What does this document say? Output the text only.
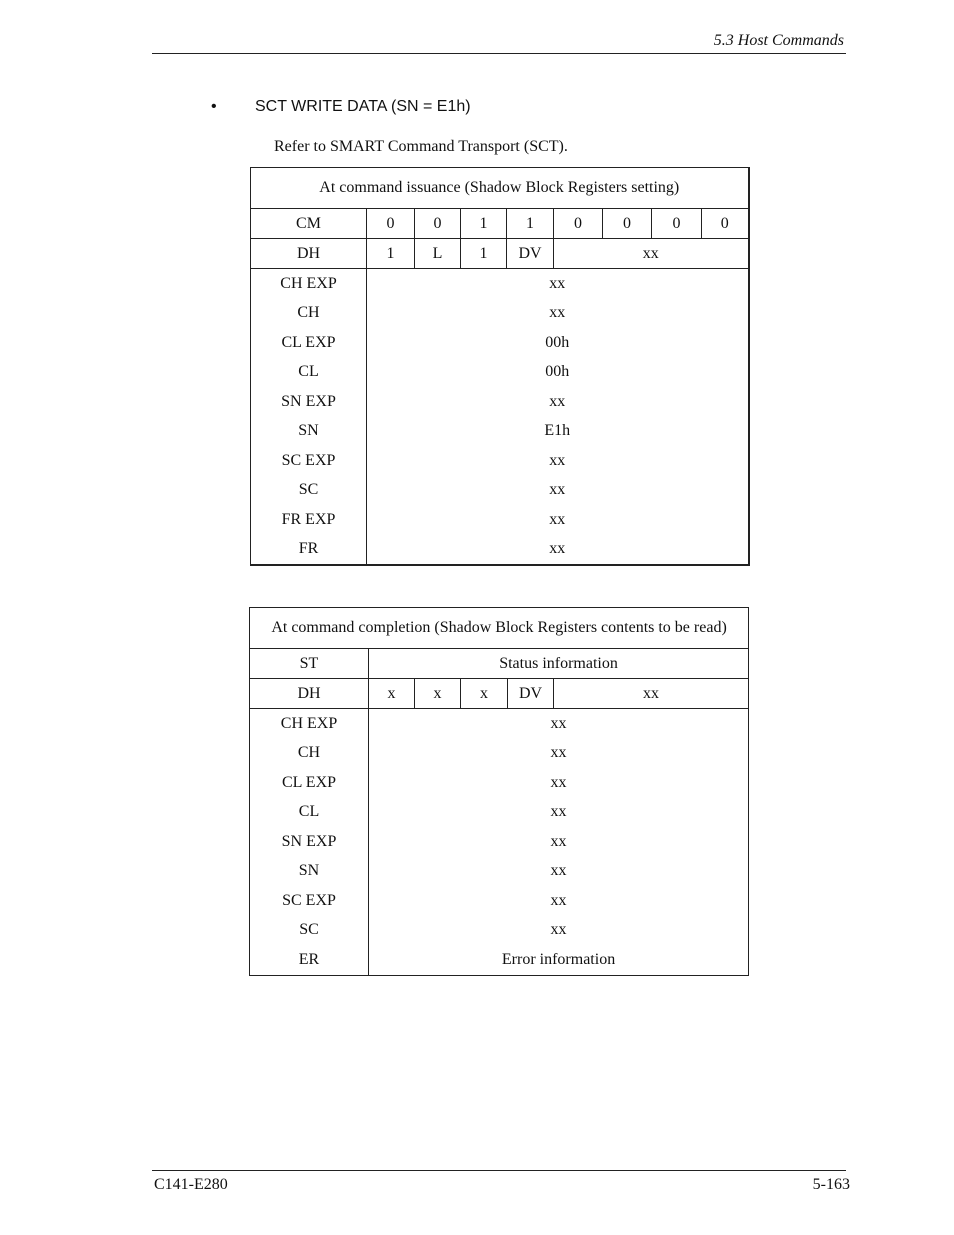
5.3 Host Commands
• SCT WRITE DATA (SN = E1h)
Refer to SMART Command Transport (SCT).
At command issuance (Shadow Block Registers setting)								
CM	0	0	1	1	0	0	0	0
DH	1	L	1	DV	xx			
CH EXP	xx							
CH	xx							
CL EXP	00h							
CL	00h							
SN EXP	xx							
SN	E1h							
SC EXP	xx							
SC	xx							
FR EXP	xx							
FR	xx							
At command completion (Shadow Block Registers contents to be read)					
ST	Status information				
DH	x	x	x	DV	xx
CH EXP	xx				
CH	xx				
CL EXP	xx				
CL	xx				
SN EXP	xx				
SN	xx				
SC EXP	xx				
SC	xx				
ER	Error information				
C141-E280	5-163
